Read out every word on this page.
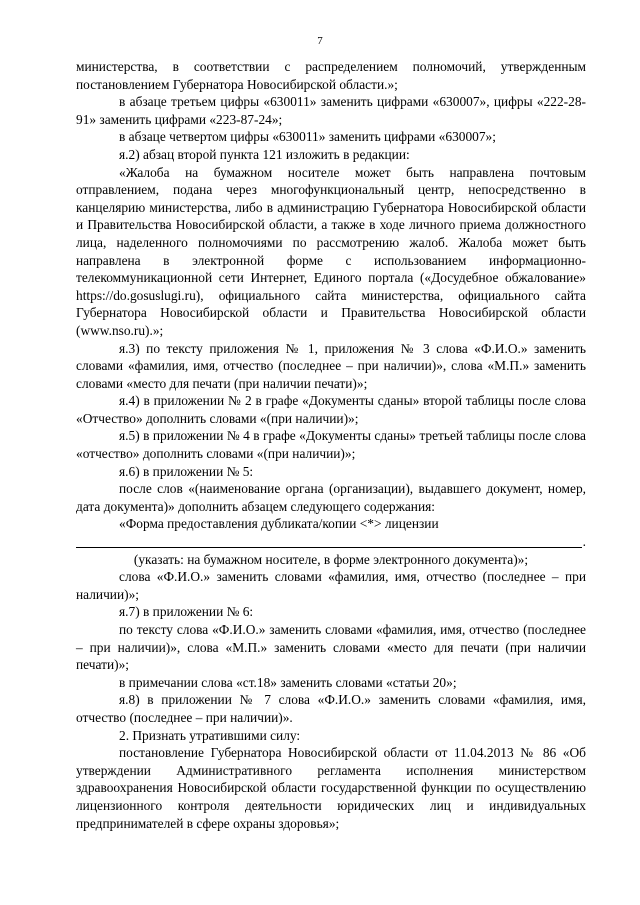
7

министерства, в соответствии с распределением полномочий, утвержденным постановлением Губернатора Новосибирской области.»;

в абзаце третьем цифры «630011» заменить цифрами «630007», цифры «222-28-91» заменить цифрами «223-87-24»;

в абзаце четвертом цифры «630011» заменить цифрами «630007»;

я.2) абзац второй пункта 121 изложить в редакции:

«Жалоба на бумажном носителе может быть направлена почтовым отправлением, подана через многофункциональный центр, непосредственно в канцелярию министерства, либо в администрацию Губернатора Новосибирской области и Правительства Новосибирской области, а также в ходе личного приема должностного лица, наделенного полномочиями по рассмотрению жалоб. Жалоба может быть направлена в электронной форме с использованием информационно-телекоммуникационной сети Интернет, Единого портала («Досудебное обжалование» https://do.gosuslugi.ru), официального сайта министерства, официального сайта Губернатора Новосибирской области и Правительства Новосибирской области (www.nso.ru).»;

я.3) по тексту приложения № 1, приложения № 3 слова «Ф.И.О.» заменить словами «фамилия, имя, отчество (последнее – при наличии)», слова «М.П.» заменить словами «место для печати (при наличии печати)»;

я.4) в приложении № 2 в графе «Документы сданы» второй таблицы после слова «Отчество» дополнить словами «(при наличии)»;

я.5) в приложении № 4 в графе «Документы сданы» третьей таблицы после слова «отчество» дополнить словами «(при наличии)»;

я.6) в приложении № 5:

после слов «(наименование органа (организации), выдавшего документ, номер, дата документа)» дополнить абзацем следующего содержания:

«Форма предоставления дубликата/копии <*> лицензии

.

(указать: на бумажном носителе, в форме электронного документа)»;

слова «Ф.И.О.» заменить словами «фамилия, имя, отчество (последнее – при наличии)»;

я.7) в приложении № 6:

по тексту слова «Ф.И.О.» заменить словами «фамилия, имя, отчество (последнее – при наличии)», слова «М.П.» заменить словами «место для печати (при наличии печати)»;

в примечании слова «ст.18» заменить словами «статьи 20»;

я.8) в приложении № 7 слова «Ф.И.О.» заменить словами «фамилия, имя, отчество (последнее – при наличии)».

2. Признать утратившими силу:

постановление Губернатора Новосибирской области от 11.04.2013 № 86 «Об утверждении Административного регламента исполнения министерством здравоохранения Новосибирской области государственной функции по осуществлению лицензионного контроля деятельности юридических лиц и индивидуальных предпринимателей в сфере охраны здоровья»;
